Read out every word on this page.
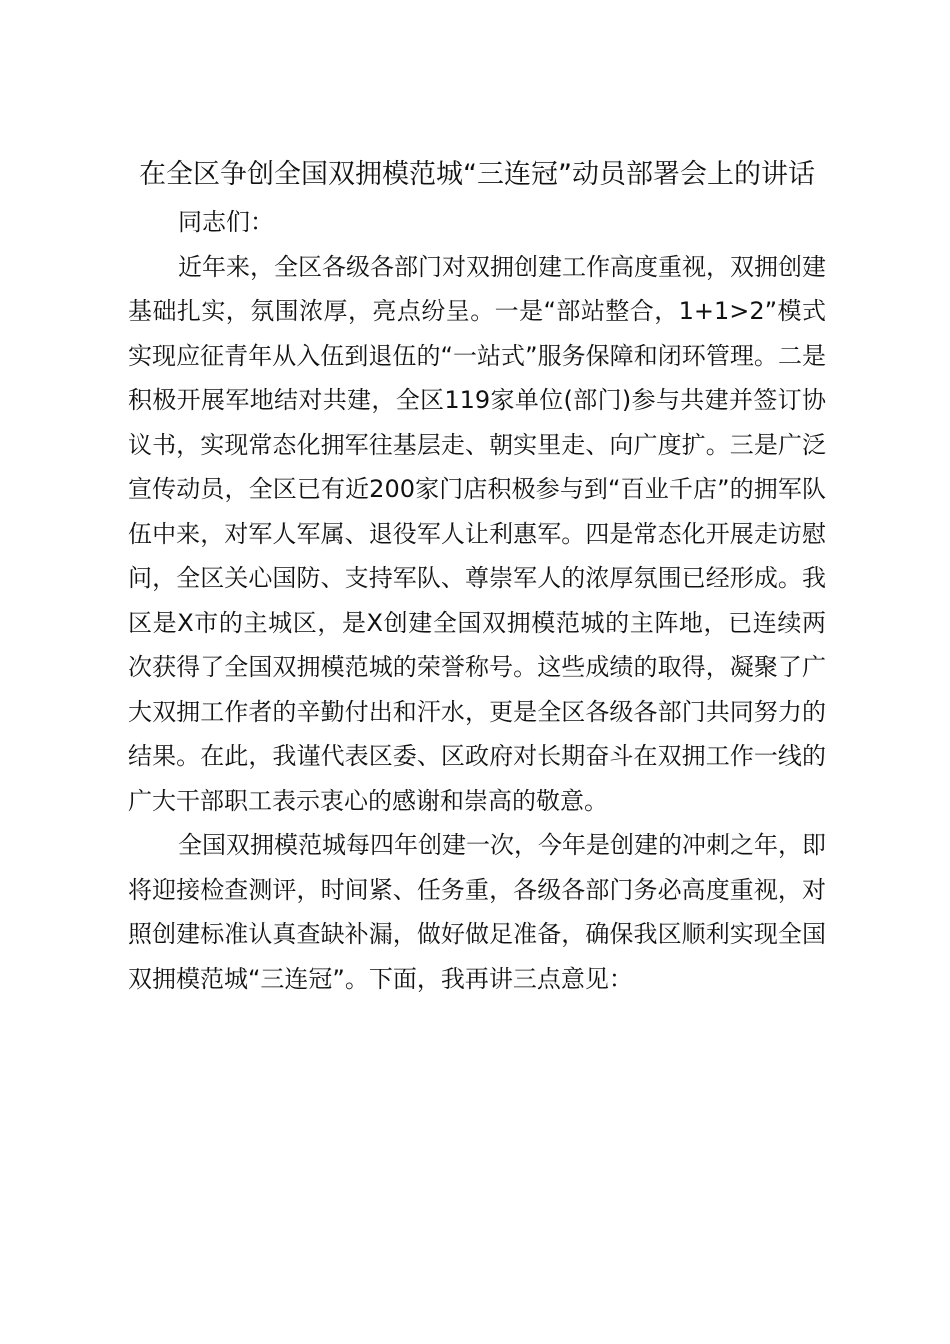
在全区争创全国双拥模范城“三连冠”动员部署会上的讲话

同志们：

近年来，全区各级各部门对双拥创建工作高度重视，双拥创建基础扎实，氛围浓厚，亮点纷呈。一是“部站整合，1+1>2”模式实现应征青年从入伍到退伍的“一站式”服务保障和闭环管理。二是积极开展军地结对共建，全区119家单位(部门)参与共建并签订协议书，实现常态化拥军往基层走、朝实里走、向广度扩。三是广泛宣传动员，全区已有近200家门店积极参与到“百业千店”的拥军队伍中来，对军人军属、退役军人让利惠军。四是常态化开展走访慰问，全区关心国防、支持军队、尊崇军人的浓厚氛围已经形成。我区是X市的主城区，是X创建全国双拥模范城的主阵地，已连续两次获得了全国双拥模范城的荣誉称号。这些成绩的取得，凝聚了广大双拥工作者的辛勤付出和汗水，更是全区各级各部门共同努力的结果。在此，我谨代表区委、区政府对长期奋斗在双拥工作一线的广大干部职工表示衷心的感谢和崇高的敬意。

全国双拥模范城每四年创建一次，今年是创建的冲刺之年，即将迎接检查测评，时间紧、任务重，各级各部门务必高度重视，对照创建标准认真查缺补漏，做好做足准备，确保我区顺利实现全国双拥模范城“三连冠”。下面，我再讲三点意见：
